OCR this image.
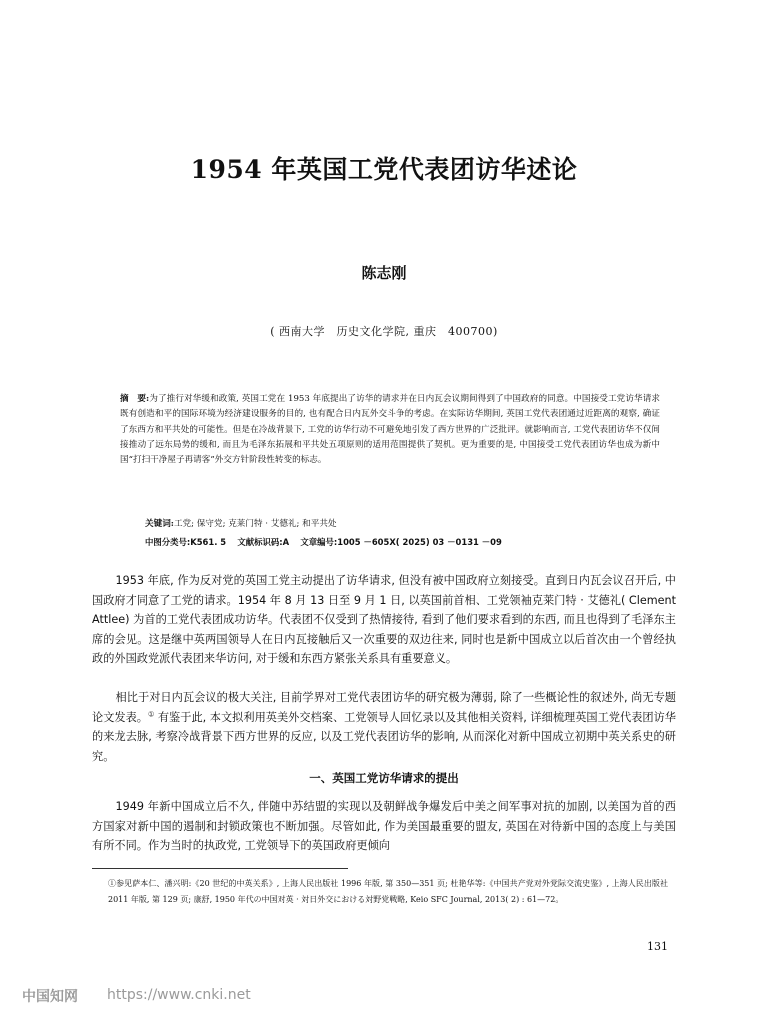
1954 年英国工党代表团访华述论
陈志刚
( 西南大学　历史文化学院, 重庆　400700)
摘　要:为了推行对华缓和政策, 英国工党在 1953 年底提出了访华的请求并在日内瓦会议期间得到了中国政府的同意。中国接受工党访华请求既有创造和平的国际环境为经济建设服务的目的, 也有配合日内瓦外交斗争的考虑。在实际访华期间, 英国工党代表团通过近距离的观察, 确证了东西方和平共处的可能性。但是在冷战背景下, 工党的访华行动不可避免地引发了西方世界的广泛批评。就影响而言, 工党代表团访华不仅间接推动了远东局势的缓和, 而且为毛泽东拓展和平共处五项原则的适用范围提供了契机。更为重要的是, 中国接受工党代表团访华也成为新中国“打扫干净屋子再请客”外交方针阶段性转变的标志。
关键词:工党; 保守党; 克莱门特 · 艾德礼; 和平共处
中图分类号:K561. 5　 文献标识码:A　 文章编号:1005 －605X( 2025) 03 －0131 －09

1953 年底, 作为反对党的英国工党主动提出了访华请求, 但没有被中国政府立刻接受。直到日内瓦会议召开后, 中国政府才同意了工党的请求。1954 年 8 月 13 日至 9 月 1 日, 以英国前首相、工党领袖克莱门特 · 艾德礼( Clement Attlee) 为首的工党代表团成功访华。代表团不仅受到了热情接待, 看到了他们要求看到的东西, 而且也得到了毛泽东主席的会见。这是继中英两国领导人在日内瓦接触后又一次重要的双边往来, 同时也是新中国成立以后首次由一个曾经执政的外国政党派代表团来华访问, 对于缓和东西方紧张关系具有重要意义。

相比于对日内瓦会议的极大关注, 目前学界对工党代表团访华的研究极为薄弱, 除了一些概论性的叙述外, 尚无专题论文发表。① 有鉴于此, 本文拟利用英美外交档案、工党领导人回忆录以及其他相关资料, 详细梳理英国工党代表团访华的来龙去脉, 考察冷战背景下西方世界的反应, 以及工党代表团访华的影响, 从而深化对新中国成立初期中英关系史的研究。

一、英国工党访华请求的提出

1949 年新中国成立后不久, 伴随中苏结盟的实现以及朝鲜战争爆发后中美之间军事对抗的加剧, 以美国为首的西方国家对新中国的遏制和封锁政策也不断加强。尽管如此, 作为美国最重要的盟友, 英国在对待新中国的态度上与美国有所不同。作为当时的执政党, 工党领导下的英国政府更倾向

①参见萨本仁、潘兴明:《20 世纪的中英关系》, 上海人民出版社 1996 年版, 第 350—351 页; 杜艳华等:《中国共产党对外党际交流史鉴》, 上海人民出版社 2011 年版, 第 129 页; 康舒, 1950 年代の中国对英 · 対日外交における対野党戦略, Keio SFC Journal, 2013( 2) : 61—72。
131
中国知网 https://www.cnki.net
